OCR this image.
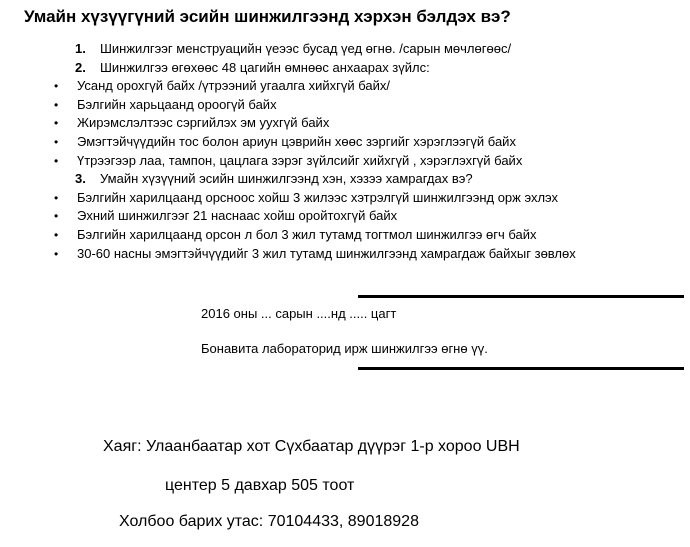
Умайн хүзүүгүний эсийн шинжилгээнд хэрхэн бэлдэх вэ?
1.	Шинжилгээг менструацийн үеээс бусад үед өгнө. /сарын мөчлөгөөс/
2.	Шинжилгээ өгөхөөс 48 цагийн өмнөөс анхаарах зүйлс:
• Усанд орохгүй байх /үтрээний угаалга хийхгүй байх/
• Бэлгийн харьцаанд ороогүй байх
• Жирэмслэлтээс сэргийлэх эм уухгүй байх
• Эмэгтэйчүүдийн тос болон ариун цэврийн хөөс зэргийг хэрэглээгүй байх
• Үтрээгээр лаа, тампон, цацлага зэрэг зүйлсийг хийхгүй , хэрэглэхгүй байх
3.	Умайн хүзүүний эсийн шинжилгээнд хэн, хэзээ хамрагдах вэ?
• Бэлгийн харилцаанд орсноос хойш 3 жилээс хэтрэлгүй шинжилгээнд орж эхлэх
• Эхний шинжилгээг 21 наснаас хойш оройтохгүй байх
• Бэлгийн харилцаанд орсон л бол 3 жил тутамд тогтмол шинжилгээ өгч байх
• 30-60 насны эмэгтэйчүүдийг 3 жил тутамд шинжилгээнд хамрагдаж байхыг зөвлөх
2016 оны ... сарын ....нд ..... цагт
Бонавита лабораторид ирж шинжилгээ өгнө үү.
Хаяг: Улаанбаатар хот Сүхбаатар дүүрэг 1-р хороо UBH
центер 5 давхар 505 тоот
Холбоо барих утас: 70104433, 89018928
